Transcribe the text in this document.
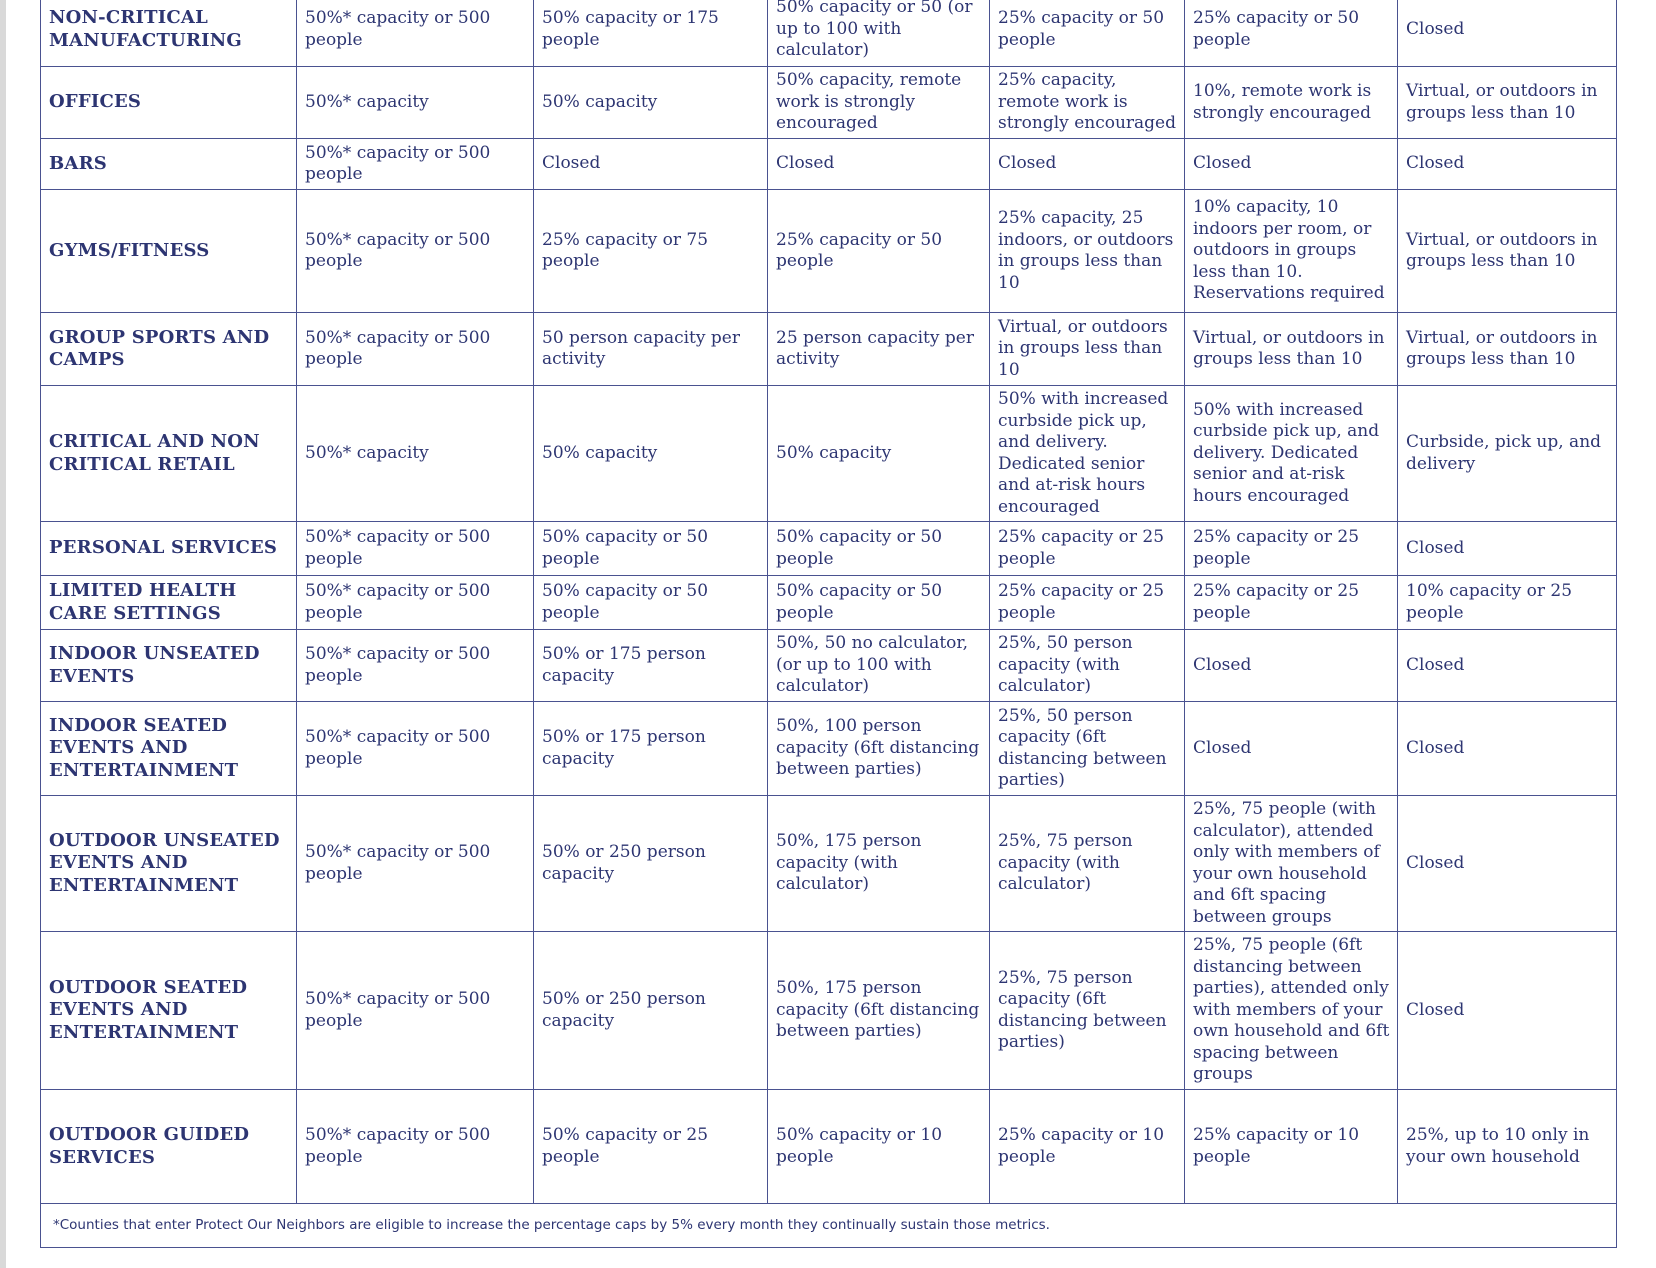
NON-CRITICAL MANUFACTURING	50%* capacity or 500 people	50% capacity or 175 people	50% capacity or 50 (or up to 100 with calculator)	25% capacity or 50 people	25% capacity or 50 people	Closed
OFFICES	50%* capacity	50% capacity	50% capacity, remote work is strongly encouraged	25% capacity, remote work is strongly encouraged	10%, remote work is strongly encouraged	Virtual, or outdoors in groups less than 10
BARS	50%* capacity or 500 people	Closed	Closed	Closed	Closed	Closed
GYMS/FITNESS	50%* capacity or 500 people	25% capacity or 75 people	25% capacity or 50 people	25% capacity, 25 indoors, or outdoors in groups less than 10	10% capacity, 10 indoors per room, or outdoors in groups less than 10. Reservations required	Virtual, or outdoors in groups less than 10
GROUP SPORTS AND CAMPS	50%* capacity or 500 people	50 person capacity per activity	25 person capacity per activity	Virtual, or outdoors in groups less than 10	Virtual, or outdoors in groups less than 10	Virtual, or outdoors in groups less than 10
CRITICAL AND NON CRITICAL RETAIL	50%* capacity	50% capacity	50% capacity	50% with increased curbside pick up, and delivery. Dedicated senior and at-risk hours encouraged	50% with increased curbside pick up, and delivery. Dedicated senior and at-risk hours encouraged	Curbside, pick up, and delivery
PERSONAL SERVICES	50%* capacity or 500 people	50% capacity or 50 people	50% capacity or 50 people	25% capacity or 25 people	25% capacity or 25 people	Closed
LIMITED HEALTH CARE SETTINGS	50%* capacity or 500 people	50% capacity or 50 people	50% capacity or 50 people	25% capacity or 25 people	25% capacity or 25 people	10% capacity or 25 people
INDOOR UNSEATED EVENTS	50%* capacity or 500 people	50% or 175 person capacity	50%, 50 no calculator, (or up to 100 with calculator)	25%, 50 person capacity (with calculator)	Closed	Closed
INDOOR SEATED EVENTS AND ENTERTAINMENT	50%* capacity or 500 people	50% or 175 person capacity	50%, 100 person capacity (6ft distancing between parties)	25%, 50 person capacity (6ft distancing between parties)	Closed	Closed
OUTDOOR UNSEATED EVENTS AND ENTERTAINMENT	50%* capacity or 500 people	50% or 250 person capacity	50%, 175 person capacity (with calculator)	25%, 75 person capacity (with calculator)	25%, 75 people (with calculator), attended only with members of your own household and 6ft spacing between groups	Closed
OUTDOOR SEATED EVENTS AND ENTERTAINMENT	50%* capacity or 500 people	50% or 250 person capacity	50%, 175 person capacity (6ft distancing between parties)	25%, 75 person capacity (6ft distancing between parties)	25%, 75 people (6ft distancing between parties), attended only with members of your own household and 6ft spacing between groups	Closed
OUTDOOR GUIDED SERVICES	50%* capacity or 500 people	50% capacity or 25 people	50% capacity or 10 people	25% capacity or 10 people	25% capacity or 10 people	25%, up to 10 only in your own household
*Counties that enter Protect Our Neighbors are eligible to increase the percentage caps by 5% every month they continually sustain those metrics.						
